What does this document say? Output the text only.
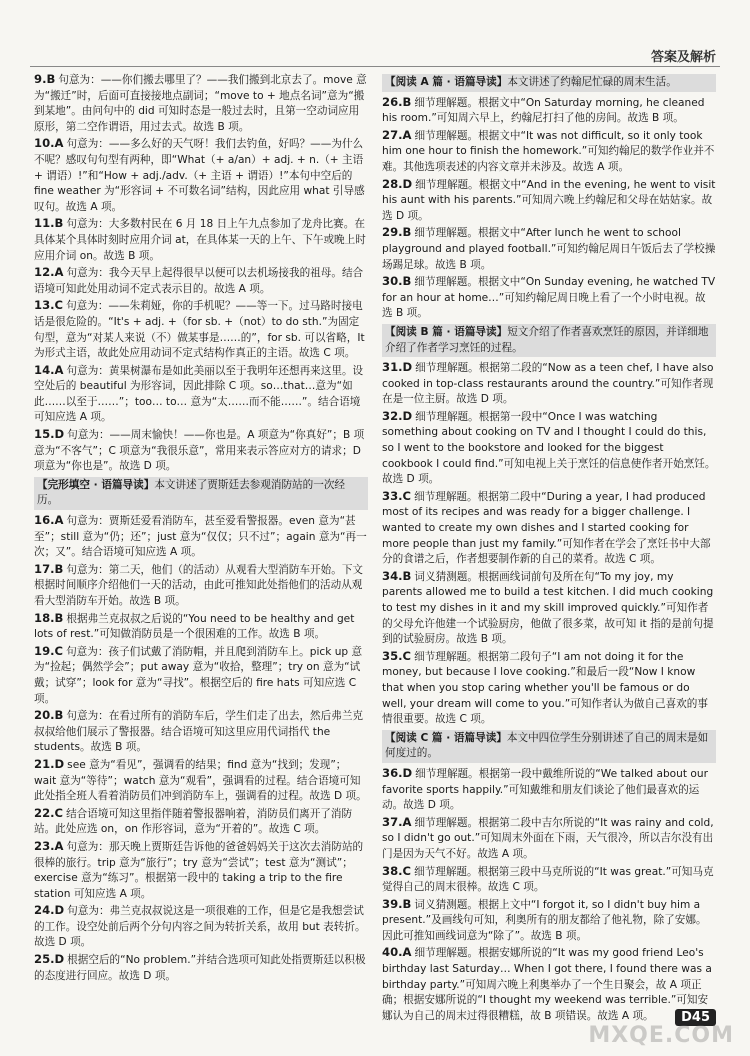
答案及解析
9.B 句意为：——你们搬去哪里了？——我们搬到北京去了。move 意为“搬迁”时，后面可直接接地点副词；“move to + 地点名词”意为“搬到某地”。由问句中的 did 可知时态是一般过去时，且第一空动词应用原形，第二空作谓语，用过去式。故选 B 项。
10.A 句意为：——多么好的天气呀！我们去钓鱼，好吗？——为什么不呢？感叹句句型有两种，即“What（+ a/an）+ adj. + n.（+ 主语 + 谓语）!”和“How + adj./adv.（+ 主语 + 谓语）!”本句中空后的 fine weather 为“形容词 + 不可数名词”结构，因此应用 what 引导感叹句。故选 A 项。
11.B 句意为：大多数村民在 6 月 18 日上午九点参加了龙舟比赛。在具体某个具体时刻时应用介词 at，在具体某一天的上午、下午或晚上时应用介词 on。故选 B 项。
12.A 句意为：我今天早上起得很早以便可以去机场接我的祖母。结合语境可知此处用动词不定式表示目的。故选 A 项。
13.C 句意为：——朱莉娅，你的手机呢？——等一下。过马路时接电话是很危险的。“It's + adj. +（for sb. +（not）to do sth.”为固定句型，意为“对某人来说（不）做某事是……的”，for sb. 可以省略，It 为形式主语，故此处应用动词不定式结构作真正的主语。故选 C 项。
14.A 句意为：黄果树瀑布是如此美丽以至于我明年还想再来这里。设空处后的 beautiful 为形容词，因此排除 C 项。so…that…意为“如此……以至于……”；too… to… 意为“太……而不能……”。结合语境可知应选 A 项。
15.D 句意为：——周末愉快！——你也是。A 项意为“你真好”；B 项意为“不客气”；C 项意为“我很乐意”，常用来表示答应对方的请求；D 项意为“你也是”。故选 D 项。
【完形填空 · 语篇导读】本文讲述了贾斯廷去参观消防站的一次经历。
16.A 句意为：贾斯廷爱看消防车，甚至爱看警报器。even 意为“甚至”；still 意为“仍；还”；just 意为“仅仅；只不过”；again 意为“再一次；又”。结合语境可知应选 A 项。
17.B 句意为：第二天，他们（的活动）从观看大型消防车开始。下文根据时间顺序介绍他们一天的活动，由此可推知此处指他们的活动从观看大型消防车开始。故选 B 项。
18.B 根据弗兰克叔叔之后说的“You need to be healthy and get lots of rest.”可知做消防员是一个很困难的工作。故选 B 项。
19.C 句意为：孩子们试戴了消防帽，并且爬到消防车上。pick up 意为“捡起；偶然学会”；put away 意为“收拾，整理”；try on 意为“试戴；试穿”；look for 意为“寻找”。根据空后的 fire hats 可知应选 C 项。
20.B 句意为：在看过所有的消防车后，学生们走了出去，然后弗兰克叔叔给他们展示了警报器。结合语境可知这里应用代词指代 the students。故选 B 项。
21.D see 意为“看见”，强调看的结果；find 意为“找到；发现”；wait 意为“等待”；watch 意为“观看”，强调看的过程。结合语境可知此处指全班人看着消防员们冲到消防车上，强调看的过程。故选 D 项。
22.C 结合语境可知这里指伴随着警报器响着，消防员们离开了消防站。此处应选 on，on 作形容词，意为“开着的”。故选 C 项。
23.A 句意为：那天晚上贾斯廷告诉他的爸爸妈妈关于这次去消防站的很棒的旅行。trip 意为“旅行”；try 意为“尝试”；test 意为“测试”；exercise 意为“练习”。根据第一段中的 taking a trip to the fire station 可知应选 A 项。
24.D 句意为：弗兰克叔叔说这是一项很难的工作，但是它是我想尝试的工作。设空处前后两个分句内容之间为转折关系，故用 but 表转折。故选 D 项。
25.D 根据空后的“No problem.”并结合选项可知此处指贾斯廷以积极的态度进行回应。故选 D 项。
【阅读 A 篇 · 语篇导读】本文讲述了约翰尼忙碌的周末生活。
26.B 细节理解题。根据文中“On Saturday morning, he cleaned his room.”可知周六早上，约翰尼打扫了他的房间。故选 B 项。
27.A 细节理解题。根据文中“It was not difficult, so it only took him one hour to finish the homework.”可知约翰尼的数学作业并不难。其他选项表述的内容文章并未涉及。故选 A 项。
28.D 细节理解题。根据文中“And in the evening, he went to visit his aunt with his parents.”可知周六晚上约翰尼和父母在姑姑家。故选 D 项。
29.B 细节理解题。根据文中“After lunch he went to school playground and played football.”可知约翰尼周日午饭后去了学校操场踢足球。故选 B 项。
30.B 细节理解题。根据文中“On Sunday evening, he watched TV for an hour at home…”可知约翰尼周日晚上看了一个小时电视。故选 B 项。
【阅读 B 篇 · 语篇导读】短文介绍了作者喜欢烹饪的原因，并详细地介绍了作者学习烹饪的过程。
31.D 细节理解题。根据第二段的“Now as a teen chef, I have also cooked in top-class restaurants around the country.”可知作者现在是一位主厨。故选 D 项。
32.D 细节理解题。根据第一段中“Once I was watching something about cooking on TV and I thought I could do this, so I went to the bookstore and looked for the biggest cookbook I could find.”可知电视上关于烹饪的信息使作者开始烹饪。故选 D 项。
33.C 细节理解题。根据第二段中“During a year, I had produced most of its recipes and was ready for a bigger challenge. I wanted to create my own dishes and I started cooking for more people than just my family.”可知作者在学会了烹饪书中大部分的食谱之后，作者想要制作新的自己的菜肴。故选 C 项。
34.B 词义猜测题。根据画线词前句及所在句“To my joy, my parents allowed me to build a test kitchen. I did much cooking to test my dishes in it and my skill improved quickly.”可知作者的父母允许他建一个试验厨房，他做了很多菜，故可知 it 指的是前句提到的试验厨房。故选 B 项。
35.C 细节理解题。根据第二段句子“I am not doing it for the money, but because I love cooking.”和最后一段“Now I know that when you stop caring whether you'll be famous or do well, your dream will come to you.”可知作者认为做自己喜欢的事情很重要。故选 C 项。
【阅读 C 篇 · 语篇导读】本文中四位学生分别讲述了自己的周末是如何度过的。
36.D 细节理解题。根据第一段中戴维所说的“We talked about our favorite sports happily.”可知戴维和朋友们谈论了他们最喜欢的运动。故选 D 项。
37.A 细节理解题。根据第二段中吉尔所说的“It was rainy and cold, so I didn't go out.”可知周末外面在下雨，天气很冷，所以吉尔没有出门是因为天气不好。故选 A 项。
38.C 细节理解题。根据第三段中马克所说的“It was great.”可知马克觉得自己的周末很棒。故选 C 项。
39.B 词义猜测题。根据上文中“I forgot it, so I didn't buy him a present.”及画线句可知，利奥所有的朋友都给了他礼物，除了安娜。因此可推知画线词意为“除了”。故选 B 项。
40.A 细节理解题。根据安娜所说的“It was my good friend Leo's birthday last Saturday… When I got there, I found there was a birthday party.”可知周六晚上利奥举办了一个生日聚会，故 A 项正确；根据安娜所说的“I thought my weekend was terrible.”可知安娜认为自己的周末过得很糟糕，故 B 项错误。故选 A 项。	D45
MXQE.COM
